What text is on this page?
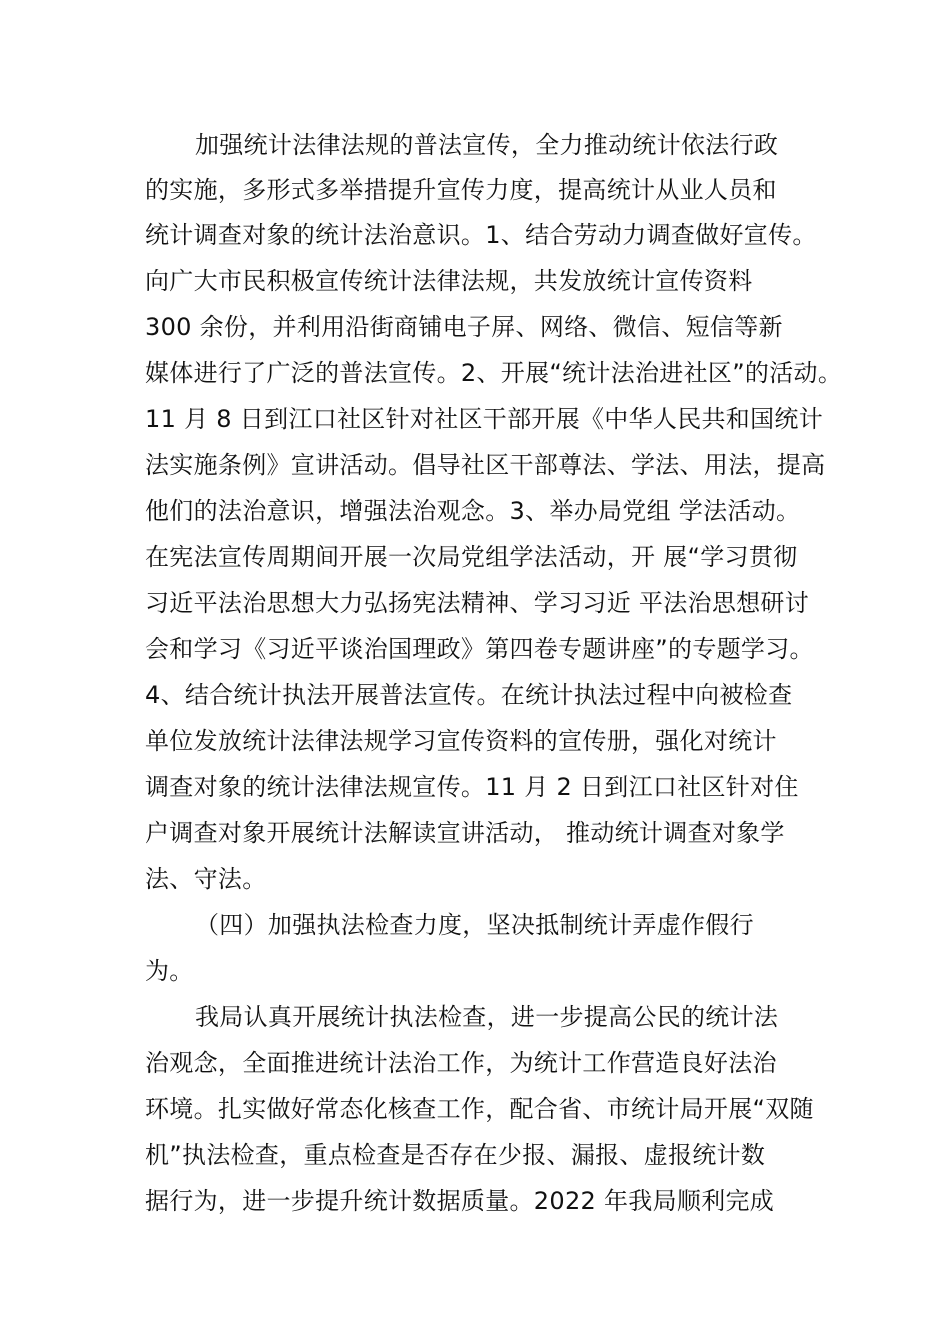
加强统计法律法规的普法宣传，全力推动统计依法行政
的实施，多形式多举措提升宣传力度，提高统计从业人员和
统计调查对象的统计法治意识。1、结合劳动力调查做好宣传。
向广大市民积极宣传统计法律法规，共发放统计宣传资料
300 余份，并利用沿街商铺电子屏、网络、微信、短信等新
媒体进行了广泛的普法宣传。2、开展“统计法治进社区”的活动。
11 月 8 日到江口社区针对社区干部开展《中华人民共和国统计
法实施条例》宣讲活动。倡导社区干部尊法、学法、用法，提高
他们的法治意识，增强法治观念。3、举办局党组 学法活动。
在宪法宣传周期间开展一次局党组学法活动，开 展“学习贯彻
习近平法治思想大力弘扬宪法精神、学习习近 平法治思想研讨
会和学习《习近平谈治国理政》第四卷专题讲座”的专题学习。
4、结合统计执法开展普法宣传。在统计执法过程中向被检查
单位发放统计法律法规学习宣传资料的宣传册，强化对统计
调查对象的统计法律法规宣传。11 月 2 日到江口社区针对住
户调查对象开展统计法解读宣讲活动， 推动统计调查对象学
法、守法。
（四）加强执法检查力度，坚决抵制统计弄虚作假行
为。
我局认真开展统计执法检查，进一步提高公民的统计法
治观念，全面推进统计法治工作，为统计工作营造良好法治
环境。扎实做好常态化核查工作，配合省、市统计局开展“双随
机”执法检查，重点检查是否存在少报、漏报、虚报统计数
据行为，进一步提升统计数据质量。2022 年我局顺利完成
